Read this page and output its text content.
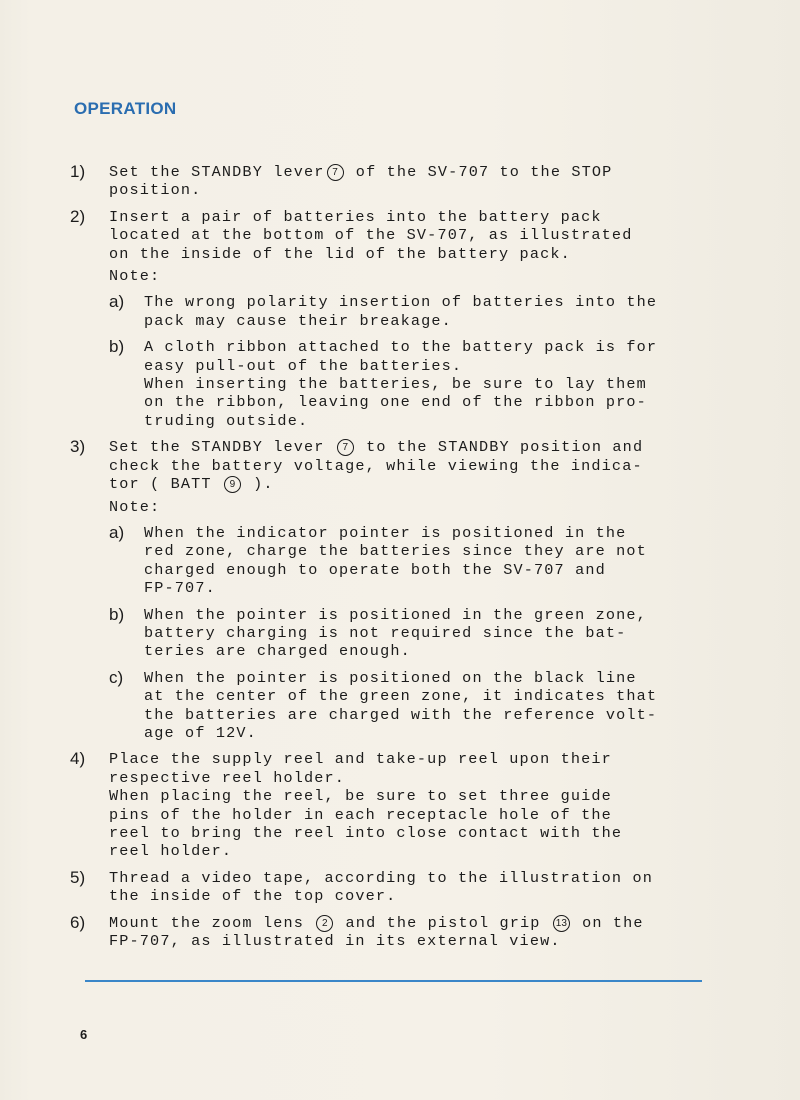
OPERATION
1) Set the STANDBY lever 7 of the SV-707 to the STOP
position.
2) Insert a pair of batteries into the battery pack
located at the bottom of the SV-707, as illustrated
on the inside of the lid of the battery pack.
Note:
a) The wrong polarity insertion of batteries into the
pack may cause their breakage.
b) A cloth ribbon attached to the battery pack is for
easy pull-out of the batteries.
When inserting the batteries, be sure to lay them
on the ribbon, leaving one end of the ribbon pro-
truding outside.
3) Set the STANDBY lever 7 to the STANDBY position and
check the battery voltage, while viewing the indica-
tor ( BATT 9 ).
Note:
a) When the indicator pointer is positioned in the
red zone, charge the batteries since they are not
charged enough to operate both the SV-707 and
FP-707.
b) When the pointer is positioned in the green zone,
battery charging is not required since the bat-
teries are charged enough.
c) When the pointer is positioned on the black line
at the center of the green zone, it indicates that
the batteries are charged with the reference volt-
age of 12V.
4) Place the supply reel and take-up reel upon their
respective reel holder.
When placing the reel, be sure to set three guide
pins of the holder in each receptacle hole of the
reel to bring the reel into close contact with the
reel holder.
5) Thread a video tape, according to the illustration on
the inside of the top cover.
6) Mount the zoom lens 2 and the pistol grip 13 on the
FP-707, as illustrated in its external view.
6
